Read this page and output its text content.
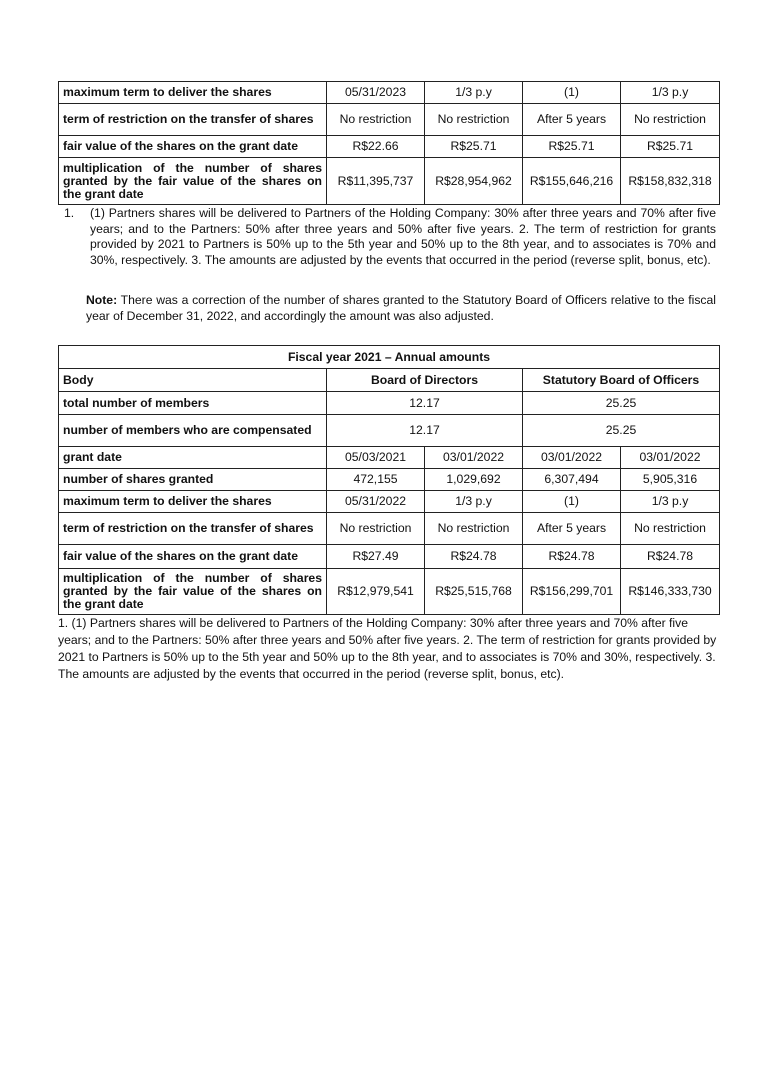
maximum term to deliver the shares	05/31/2023	1/3 p.y	(1)	1/3 p.y
term of restriction on the transfer of shares	No restriction	No restriction	After 5 years	No restriction
fair value of the shares on the grant date	R$22.66	R$25.71	R$25.71	R$25.71
multiplication of the number of shares granted by the fair value of the shares on the grant date	R$11,395,737	R$28,954,962	R$155,646,216	R$158,832,318
1. (1) Partners shares will be delivered to Partners of the Holding Company: 30% after three years and 70% after five years; and to the Partners: 50% after three years and 50% after five years. 2. The term of restriction for grants provided by 2021 to Partners is 50% up to the 5th year and 50% up to the 8th year, and to associates is 70% and 30%, respectively. 3. The amounts are adjusted by the events that occurred in the period (reverse split, bonus, etc).
Note: There was a correction of the number of shares granted to the Statutory Board of Officers relative to the fiscal year of December 31, 2022, and accordingly the amount was also adjusted.
Fiscal year 2021 – Annual amounts				
Body	Board of Directors		Statutory Board of Officers	
total number of members	12.17		25.25	
number of members who are compensated	12.17		25.25	
grant date	05/03/2021	03/01/2022	03/01/2022	03/01/2022
number of shares granted	472,155	1,029,692	6,307,494	5,905,316
maximum term to deliver the shares	05/31/2022	1/3 p.y	(1)	1/3 p.y
term of restriction on the transfer of shares	No restriction	No restriction	After 5 years	No restriction
fair value of the shares on the grant date	R$27.49	R$24.78	R$24.78	R$24.78
multiplication of the number of shares granted by the fair value of the shares on the grant date	R$12,979,541	R$25,515,768	R$156,299,701	R$146,333,730
1. (1) Partners shares will be delivered to Partners of the Holding Company: 30% after three years and 70% after five years; and to the Partners: 50% after three years and 50% after five years. 2. The term of restriction for grants provided by 2021 to Partners is 50% up to the 5th year and 50% up to the 8th year, and to associates is 70% and 30%, respectively. 3. The amounts are adjusted by the events that occurred in the period (reverse split, bonus, etc).
